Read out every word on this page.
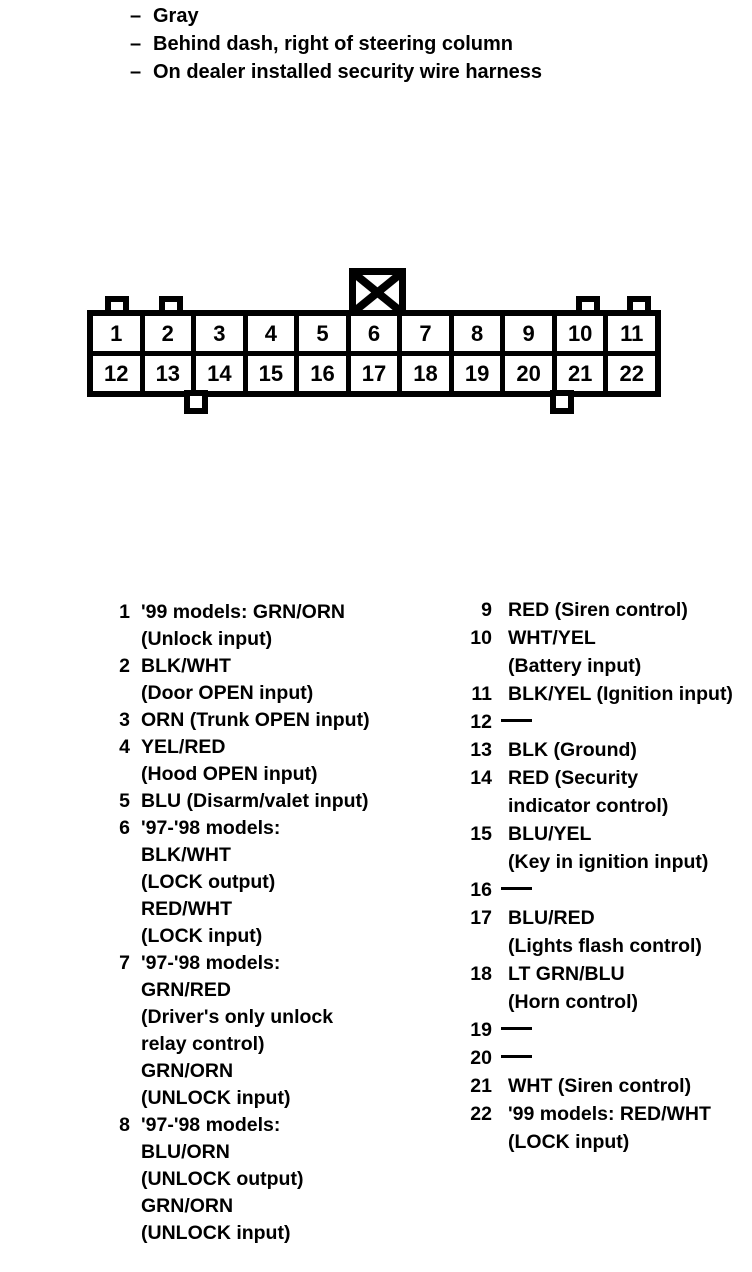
– Gray
– Behind dash, right of steering column
– On dealer installed security wire harness
1	2	3	4	5	6	7	8	9	10	11
12	13	14	15	16	17	18	19	20	21	22
1 '99 models: GRN/ORN
(Unlock input)
2 BLK/WHT
(Door OPEN input)
3 ORN (Trunk OPEN input)
4 YEL/RED
(Hood OPEN input)
5 BLU (Disarm/valet input)
6 '97-'98 models:
BLK/WHT
(LOCK output)
RED/WHT
(LOCK input)
7 '97-'98 models:
GRN/RED
(Driver's only unlock
relay control)
GRN/ORN
(UNLOCK input)
8 '97-'98 models:
BLU/ORN
(UNLOCK output)
GRN/ORN
(UNLOCK input)
9 RED (Siren control)
10 WHT/YEL
(Battery input)
11 BLK/YEL (Ignition input)
12
13 BLK (Ground)
14 RED (Security
indicator control)
15 BLU/YEL
(Key in ignition input)
16
17 BLU/RED
(Lights flash control)
18 LT GRN/BLU
(Horn control)
19
20
21 WHT (Siren control)
22 '99 models: RED/WHT
(LOCK input)
